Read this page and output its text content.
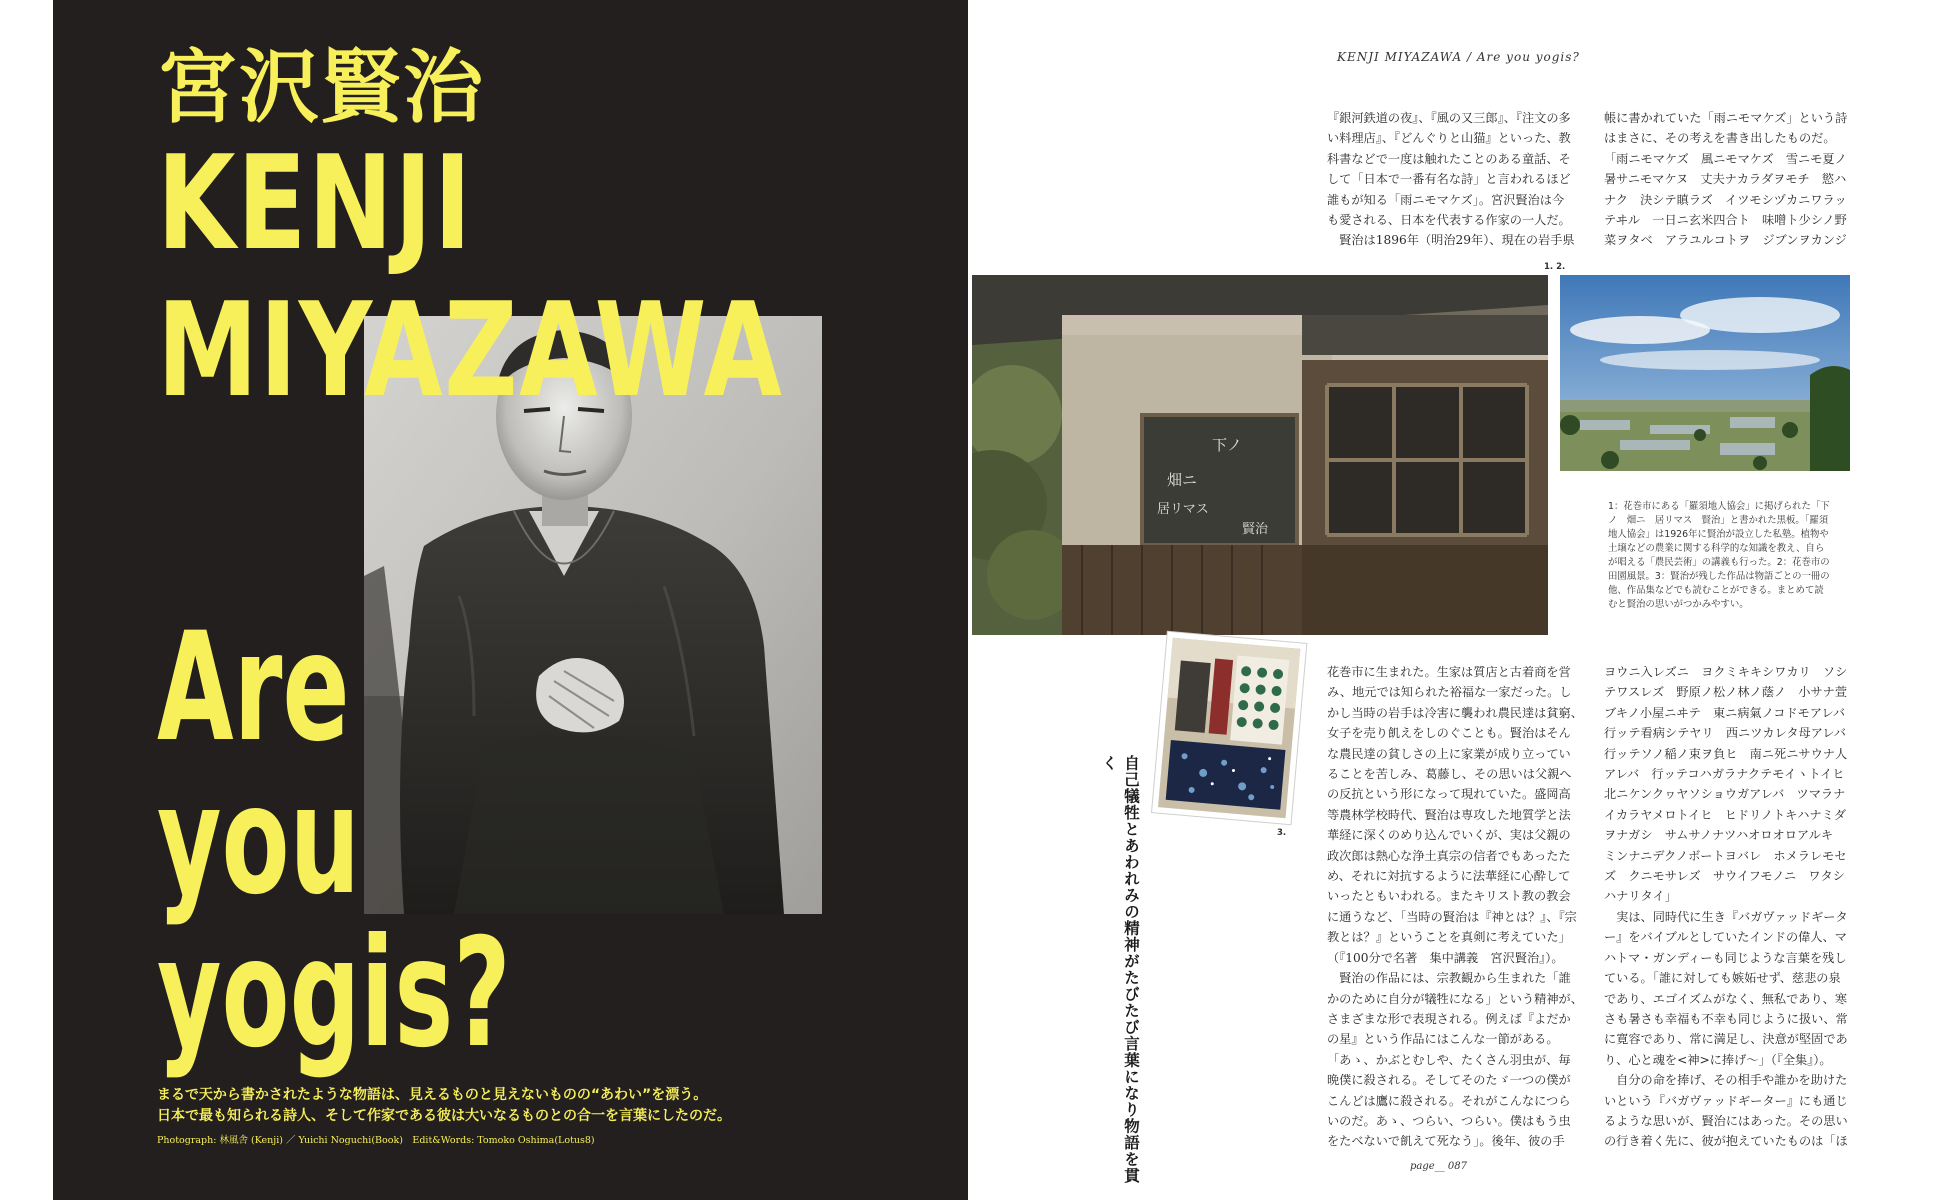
宮沢賢治
KENJI
MIYAZAWA
Are
you
yogis?
まるで天から書かされたような物語は、見えるものと見えないものの“あわい”を漂う。
日本で最も知られる詩人、そして作家である彼は大いなるものとの合一を言葉にしたのだ。
Photograph: 林風舎 (Kenji) ／ Yuichi Noguchi(Book)　Edit&Words: Tomoko Oshima(Lotus8)
KENJI MIYAZAWA / Are you yogis?

『銀河鉄道の夜』、『風の又三郎』、『注文の多

い料理店』、『どんぐりと山猫』といった、教

科書などで一度は触れたことのある童話、そ

して「日本で一番有名な詩」と言われるほど

誰もが知る「雨ニモマケズ」。宮沢賢治は今

も愛される、日本を代表する作家の一人だ。

　賢治は1896年（明治29年）、現在の岩手県

帳に書かれていた「雨ニモマケズ」という詩

はまさに、その考えを書き出したものだ。

「雨ニモマケズ　風ニモマケズ　雪ニモ夏ノ

暑サニモマケヌ　丈夫ナカラダヲモチ　慾ハ

ナク　決シテ瞋ラズ　イツモシヅカニワラッ

テヰル　一日ニ玄米四合ト　味噌ト少シノ野

菜ヲタベ　アラユルコトヲ　ジブンヲカンジ

1. 2.
下ノ
畑ニ
居リマス
賢治
1：花巻市にある「羅須地人協会」に掲げられた「下ノ　畑ニ　居リマス　賢治」と書かれた黒板。「羅須地人協会」は1926年に賢治が設立した私塾。植物や土壌などの農業に関する科学的な知識を教え、自らが唱える「農民芸術」の講義も行った。2：花巻市の田園風景。3：賢治が残した作品は物語ごとの一冊の他、作品集などでも読むことができる。まとめて読むと賢治の思いがつかみやすい。
3.
自己犠牲とあわれみの精神がたびたび言葉になり物語を貫く

花巻市に生まれた。生家は質店と古着商を営

み、地元では知られた裕福な一家だった。し

かし当時の岩手は冷害に襲われ農民達は貧窮、

女子を売り飢えをしのぐことも。賢治はそん

な農民達の貧しさの上に家業が成り立ってい

ることを苦しみ、葛藤し、その思いは父親へ

の反抗という形になって現れていた。盛岡高

等農林学校時代、賢治は専攻した地質学と法

華経に深くのめり込んでいくが、実は父親の

政次郎は熱心な浄土真宗の信者でもあったた

め、それに対抗するように法華経に心酔して

いったともいわれる。またキリスト教の教会

に通うなど、「当時の賢治は『神とは？』、『宗

教とは？』ということを真剣に考えていた」

（『100分で名著　集中講義　宮沢賢治』）。

　賢治の作品には、宗教観から生まれた「誰

かのために自分が犠牲になる」という精神が、

さまざまな形で表現される。例えば『よだか

の星』という作品にはこんな一節がある。

「あゝ、かぶとむしや、たくさん羽虫が、毎

晩僕に殺される。そしてそのたゞ一つの僕が

こんどは鷹に殺される。それがこんなにつら

いのだ。あゝ、つらい、つらい。僕はもう虫

をたべないで飢えて死なう」。後年、彼の手

ヨウニ入レズニ　ヨクミキキシワカリ　ソシ

テワスレズ　野原ノ松ノ林ノ蔭ノ　小サナ萱

ブキノ小屋ニヰテ　東ニ病氣ノコドモアレバ

行ッテ看病シテヤリ　西ニツカレタ母アレバ

行ッテソノ稲ノ束ヲ負ヒ　南ニ死ニサウナ人

アレバ　行ッテコハガラナクテモイヽトイヒ

北ニケンクヮヤソショウガアレバ　ツマラナ

イカラヤメロトイヒ　ヒドリノトキハナミダ

ヲナガシ　サムサノナツハオロオロアルキ

ミンナニデクノボートヨバレ　ホメラレモセ

ズ　クニモサレズ　サウイフモノニ　ワタシ

ハナリタイ」

　実は、同時代に生き『バガヴァッドギータ

ー』をバイブルとしていたインドの偉人、マ

ハトマ・ガンディーも同じような言葉を残し

ている。「誰に対しても嫉妬せず、慈悲の泉

であり、エゴイズムがなく、無私であり、寒

さも暑さも幸福も不幸も同じように扱い、常

に寛容であり、常に満足し、決意が堅固であ

り、心と魂を<神>に捧げ～」（『全集』）。

　自分の命を捧げ、その相手や誰かを助けた

いという『バガヴァッドギーター』にも通じ

るような思いが、賢治にはあった。その思い

の行き着く先に、彼が抱えていたものは「ほ

page__ 087
